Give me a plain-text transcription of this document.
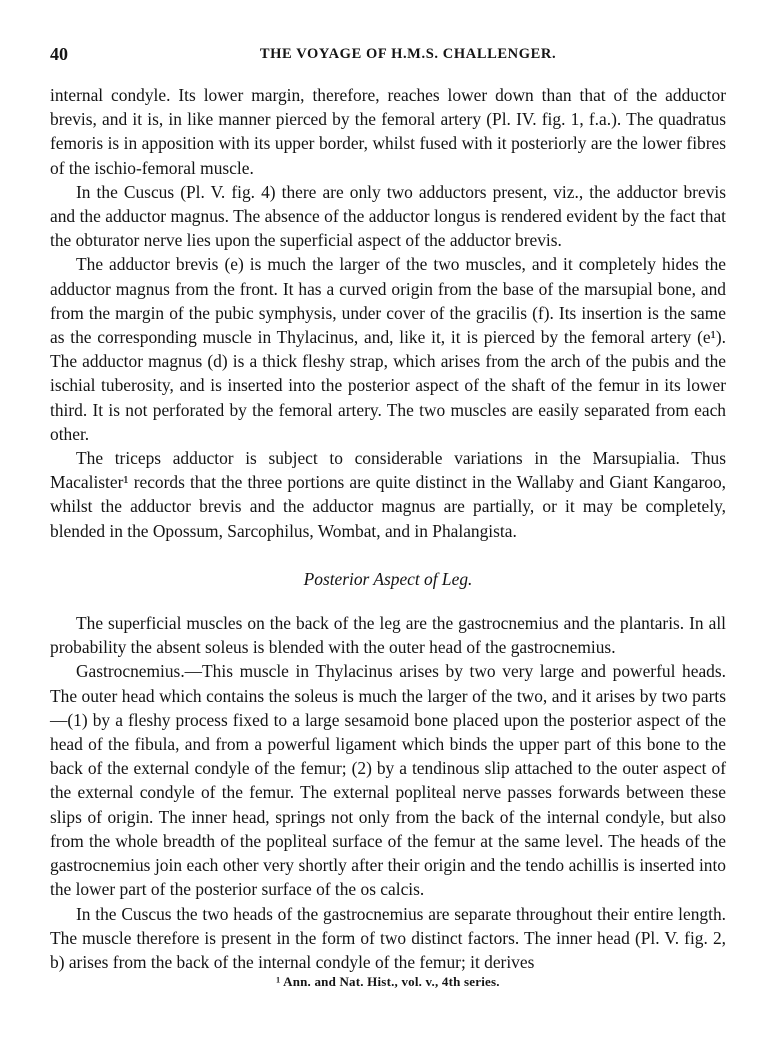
40	THE VOYAGE OF H.M.S. CHALLENGER.

internal condyle. Its lower margin, therefore, reaches lower down than that of the adductor brevis, and it is, in like manner pierced by the femoral artery (Pl. IV. fig. 1, f.a.). The quadratus femoris is in apposition with its upper border, whilst fused with it posteriorly are the lower fibres of the ischio-femoral muscle.

In the Cuscus (Pl. V. fig. 4) there are only two adductors present, viz., the adductor brevis and the adductor magnus. The absence of the adductor longus is rendered evident by the fact that the obturator nerve lies upon the superficial aspect of the adductor brevis.

The adductor brevis (e) is much the larger of the two muscles, and it completely hides the adductor magnus from the front. It has a curved origin from the base of the marsupial bone, and from the margin of the pubic symphysis, under cover of the gracilis (f). Its insertion is the same as the corresponding muscle in Thylacinus, and, like it, it is pierced by the femoral artery (e¹). The adductor magnus (d) is a thick fleshy strap, which arises from the arch of the pubis and the ischial tuberosity, and is inserted into the posterior aspect of the shaft of the femur in its lower third. It is not perforated by the femoral artery. The two muscles are easily separated from each other.

The triceps adductor is subject to considerable variations in the Marsupialia. Thus Macalister¹ records that the three portions are quite distinct in the Wallaby and Giant Kangaroo, whilst the adductor brevis and the adductor magnus are partially, or it may be completely, blended in the Opossum, Sarcophilus, Wombat, and in Phalangista.

Posterior Aspect of Leg.

The superficial muscles on the back of the leg are the gastrocnemius and the plantaris. In all probability the absent soleus is blended with the outer head of the gastrocnemius.

Gastrocnemius.—This muscle in Thylacinus arises by two very large and powerful heads. The outer head which contains the soleus is much the larger of the two, and it arises by two parts—(1) by a fleshy process fixed to a large sesamoid bone placed upon the posterior aspect of the head of the fibula, and from a powerful ligament which binds the upper part of this bone to the back of the external condyle of the femur; (2) by a tendinous slip attached to the outer aspect of the external condyle of the femur. The external popliteal nerve passes forwards between these slips of origin. The inner head, springs not only from the back of the internal condyle, but also from the whole breadth of the popliteal surface of the femur at the same level. The heads of the gastrocnemius join each other very shortly after their origin and the tendo achillis is inserted into the lower part of the posterior surface of the os calcis.

In the Cuscus the two heads of the gastrocnemius are separate throughout their entire length. The muscle therefore is present in the form of two distinct factors. The inner head (Pl. V. fig. 2, b) arises from the back of the internal condyle of the femur; it derives

¹ Ann. and Nat. Hist., vol. v., 4th series.
